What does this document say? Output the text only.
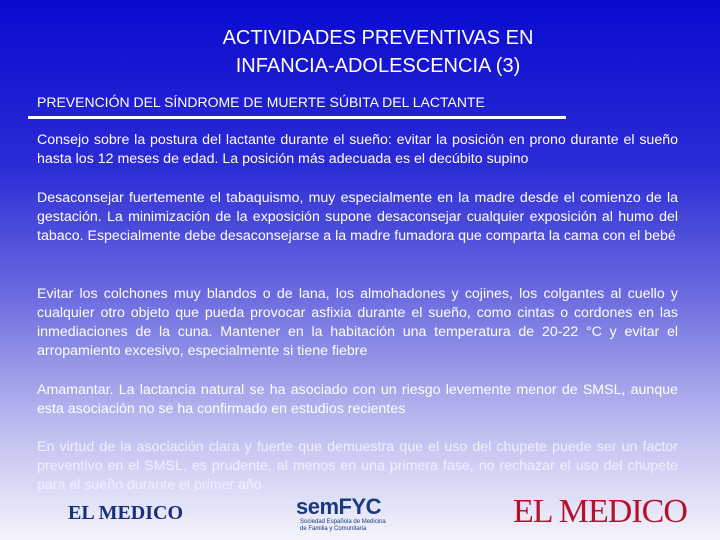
ACTIVIDADES PREVENTIVAS EN
INFANCIA-ADOLESCENCIA (3)
PREVENCIÓN DEL SÍNDROME DE MUERTE SÚBITA DEL LACTANTE
Consejo sobre la postura del lactante durante el sueño: evitar la posición en prono durante el sueño hasta los 12 meses de edad. La posición más adecuada es el decúbito supino
Desaconsejar fuertemente el tabaquismo, muy especialmente en la madre desde el comienzo de la gestación. La minimización de la exposición supone desaconsejar cualquier exposición al humo del tabaco. Especialmente debe desaconsejarse a la madre fumadora que comparta la cama con el bebé
Evitar los colchones muy blandos o de lana, los almohadones y cojines, los colgantes al cuello y cualquier otro objeto que pueda provocar asfixia durante el sueño, como cintas o cordones en las inmediaciones de la cuna. Mantener en la habitación una temperatura de 20-22 °C y evitar el arropamiento excesivo, especialmente si tiene fiebre
Amamantar. La lactancia natural se ha asociado con un riesgo levemente menor de SMSL, aunque esta asociación no se ha confirmado en estudios recientes
En virtud de la asociación clara y fuerte que demuestra que el uso del chupete puede ser un factor preventivo en el SMSL, es prudente, al menos en una primera fase, no rechazar el uso del chupete para el sueño durante el primer año
EL MEDICO	semFYC
Sociedad Española de Medicina de Familia y Comunitaria	EL MEDICO
